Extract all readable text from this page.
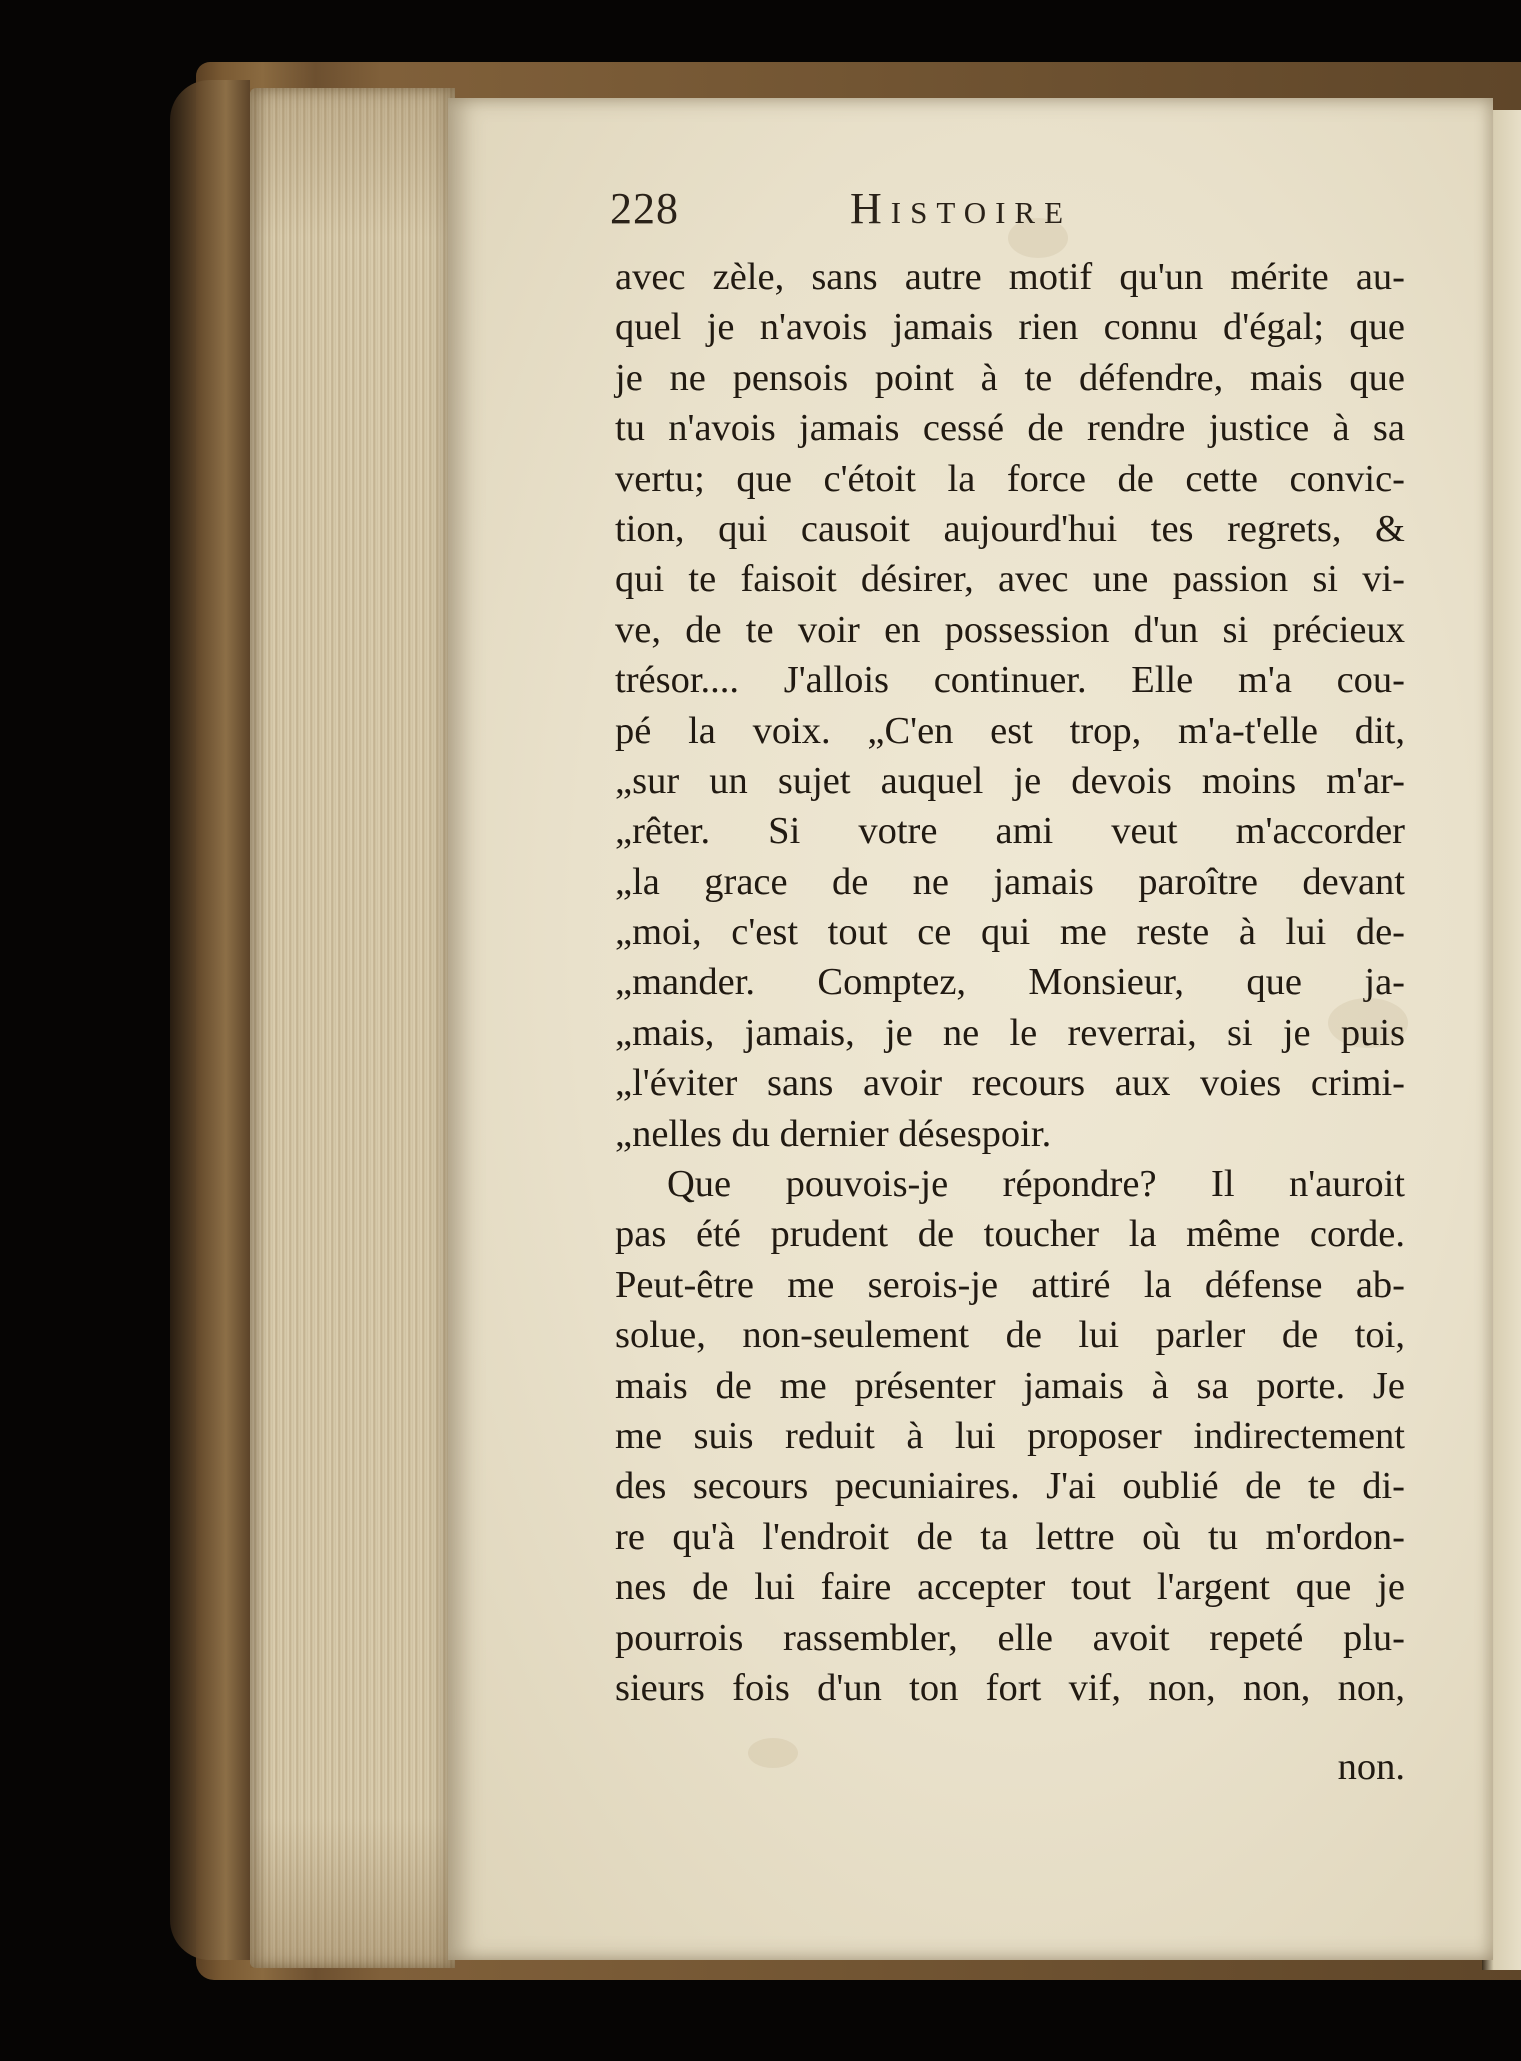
228	Histoire
avec zèle, sans autre motif qu'un mérite au-
quel je n'avois jamais rien connu d'égal; que
je ne pensois point à te défendre, mais que
tu n'avois jamais cessé de rendre justice à sa
vertu; que c'étoit la force de cette convic-
tion, qui causoit aujourd'hui tes regrets, &
qui te faisoit désirer, avec une passion si vi-
ve, de te voir en possession d'un si précieux
trésor.... J'allois continuer. Elle m'a cou-
pé la voix. „C'en est trop, m'a-t'elle dit,
„sur un sujet auquel je devois moins m'ar-
„rêter. Si votre ami veut m'accorder
„la grace de ne jamais paroître devant
„moi, c'est tout ce qui me reste à lui de-
„mander. Comptez, Monsieur, que ja-
„mais, jamais, je ne le reverrai, si je puis
„l'éviter sans avoir recours aux voies crimi-
„nelles du dernier désespoir.
Que pouvois-je répondre? Il n'auroit
pas été prudent de toucher la même corde.
Peut-être me serois-je attiré la défense ab-
solue, non-seulement de lui parler de toi,
mais de me présenter jamais à sa porte. Je
me suis reduit à lui proposer indirectement
des secours pecuniaires. J'ai oublié de te di-
re qu'à l'endroit de ta lettre où tu m'ordon-
nes de lui faire accepter tout l'argent que je
pourrois rassembler, elle avoit repeté plu-
sieurs fois d'un ton fort vif, non, non, non,
non.
